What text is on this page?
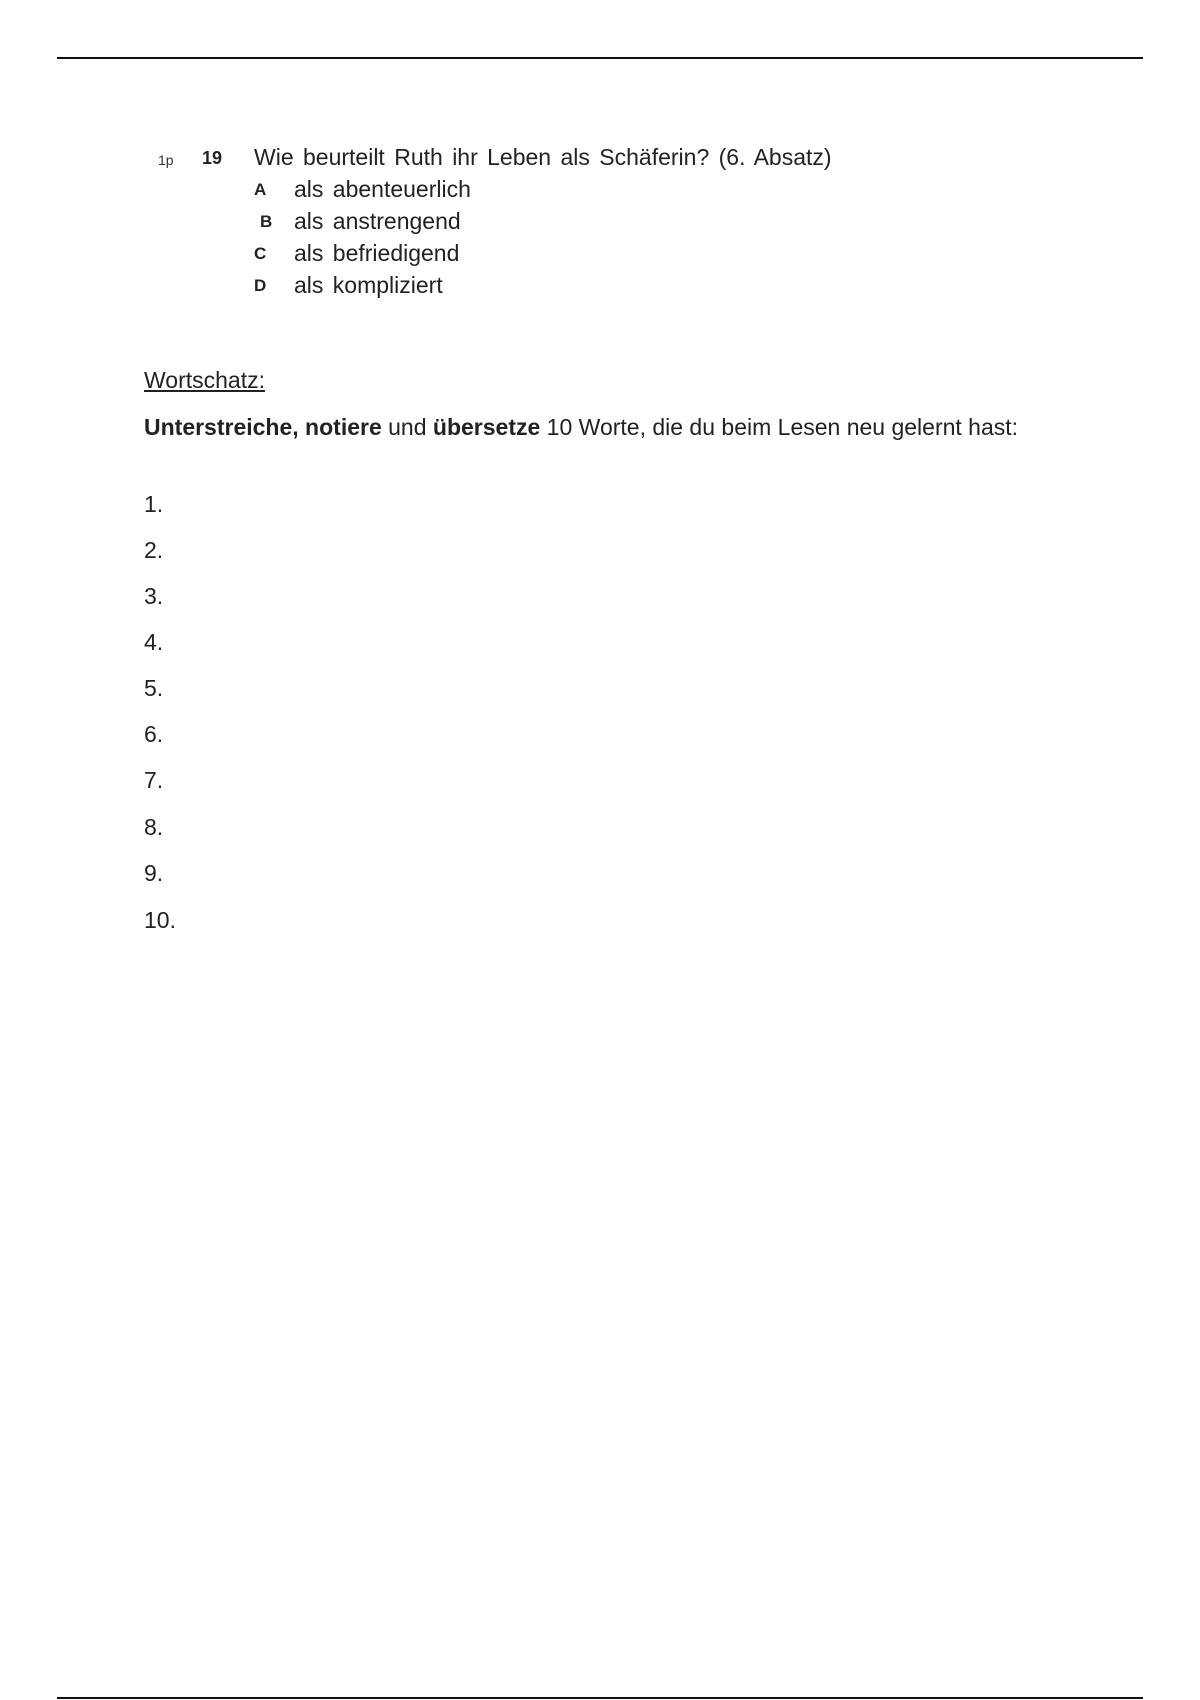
1p 19 Wie beurteilt Ruth ihr Leben als Schäferin? (6. Absatz)
A als abenteuerlich
B als anstrengend
C als befriedigend
D als kompliziert
Wortschatz:
Unterstreiche, notiere und übersetze 10 Worte, die du beim Lesen neu gelernt hast:
1.
2.
3.
4.
5.
6.
7.
8.
9.
10.
